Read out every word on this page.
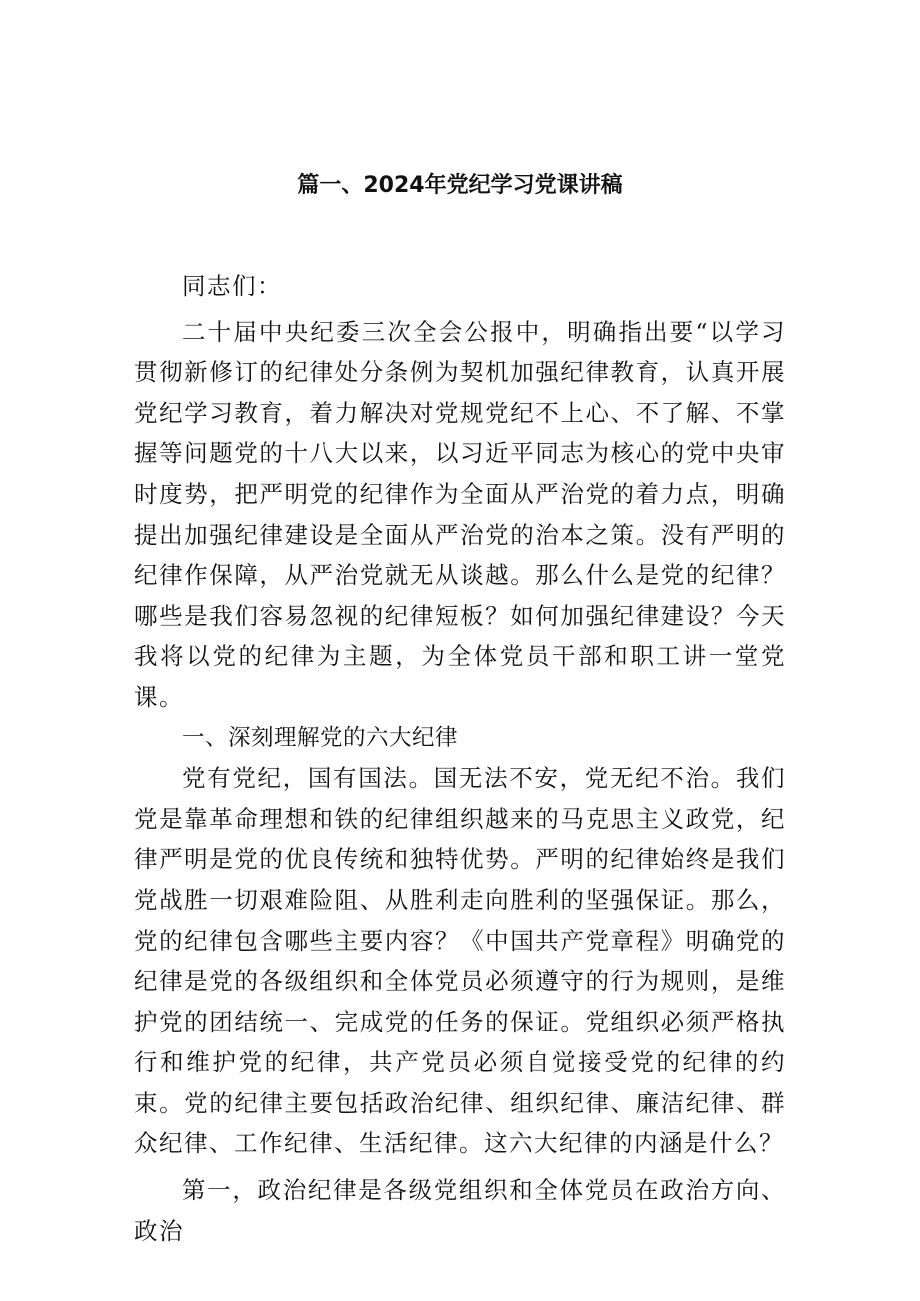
篇一、2024年党纪学习党课讲稿

同志们：

二十届中央纪委三次全会公报中，明确指出要“以学习贯彻新修订的纪律处分条例为契机加强纪律教育，认真开展党纪学习教育，着力解决对党规党纪不上心、不了解、不掌握等问题党的十八大以来，以习近平同志为核心的党中央审时度势，把严明党的纪律作为全面从严治党的着力点，明确提出加强纪律建设是全面从严治党的治本之策。没有严明的纪律作保障，从严治党就无从谈越。那么什么是党的纪律？哪些是我们容易忽视的纪律短板？如何加强纪律建设？今天我将以党的纪律为主题，为全体党员干部和职工讲一堂党课。

一、深刻理解党的六大纪律

党有党纪，国有国法。国无法不安，党无纪不治。我们党是靠革命理想和铁的纪律组织越来的马克思主义政党，纪律严明是党的优良传统和独特优势。严明的纪律始终是我们党战胜一切艰难险阻、从胜利走向胜利的坚强保证。那么，党的纪律包含哪些主要内容？《中国共产党章程》明确党的纪律是党的各级组织和全体党员必须遵守的行为规则，是维护党的团结统一、完成党的任务的保证。党组织必须严格执行和维护党的纪律，共产党员必须自觉接受党的纪律的约束。党的纪律主要包括政治纪律、组织纪律、廉洁纪律、群众纪律、工作纪律、生活纪律。这六大纪律的内涵是什么？

第一，政治纪律是各级党组织和全体党员在政治方向、政治
